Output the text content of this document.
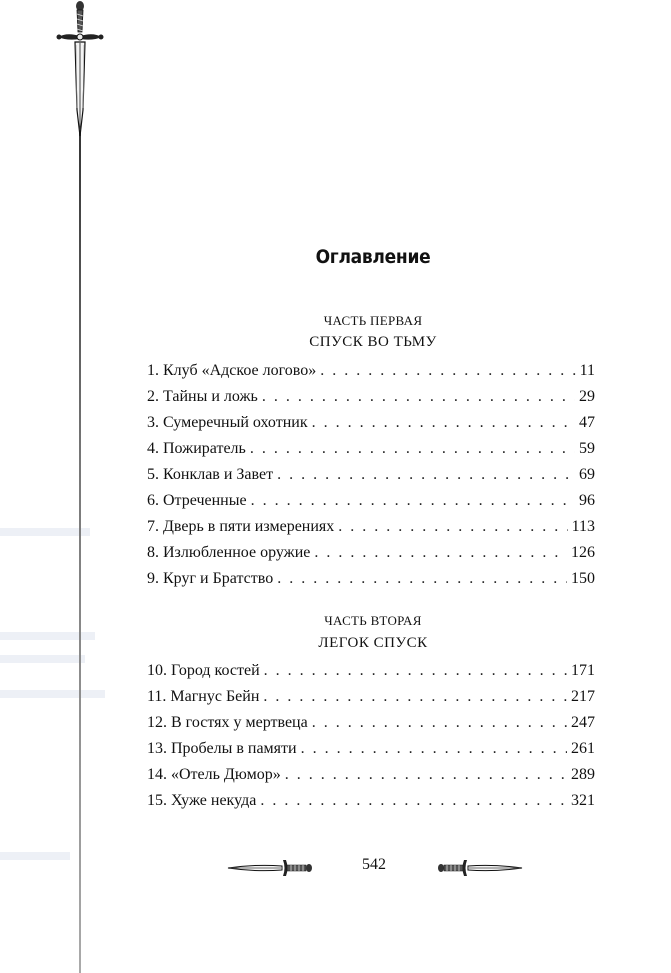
Оглавление
ЧАСТЬ ПЕРВАЯ
СПУСК ВО ТЬМУ
1. Клуб «Адское логово» . . .	11
2. Тайны и ложь . . .	29
3. Сумеречный охотник . . .	47
4. Пожиратель . . .	59
5. Конклав и Завет . . .	69
6. Отреченные . . .	96
7. Дверь в пяти измерениях . . .	113
8. Излюбленное оружие . . .	126
9. Круг и Братство . . .	150
ЧАСТЬ ВТОРАЯ
ЛЕГОК СПУСК
10. Город костей . . .	171
11. Магнус Бейн . . .	217
12. В гостях у мертвеца . . .	247
13. Пробелы в памяти . . .	261
14. «Отель Дюмор» . . .	289
15. Хуже некуда . . .	321
542
